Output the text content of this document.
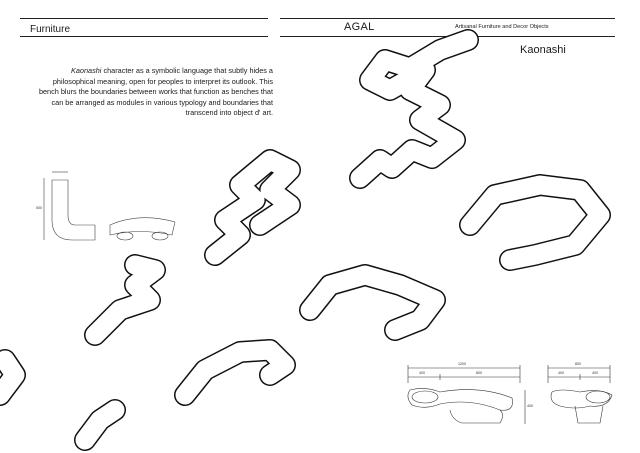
Furniture	AGAL	Artisanal Furniture and Decor Objects
Kaonashi
Kaonashi character as a symbolic language that subtly hides a philosophical meaning, open for peoples to interpret its outlook. This bench blurs the boundaries between works that function as benches that can be arranged as modules in various typology and boundaries that transcend into object d' art.
500
1200
400	800
400
800
400	400
